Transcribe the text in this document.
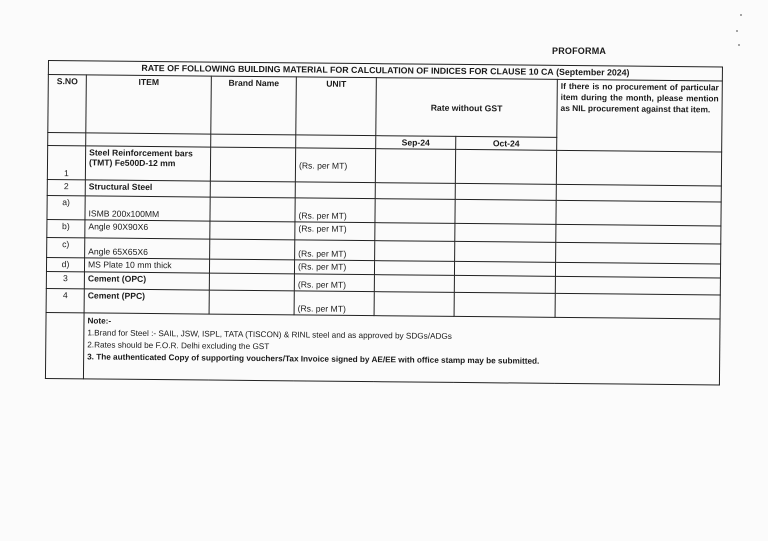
PROFORMA
RATE OF FOLLOWING BUILDING MATERIAL FOR CALCULATION OF INDICES FOR CLAUSE 10 CA (September 2024)						
S.NO	ITEM	Brand Name	UNIT	Rate without GST		If there is no procurement of particular item during the month, please mention as NIL procurement against that item.
				Sep-24	Oct-24	
1	Steel Reinforcement bars (TMT) Fe500D-12 mm		(Rs. per MT)			
2	Structural Steel					
a)	ISMB 200x100MM		(Rs. per MT)			
b)	Angle 90X90X6		(Rs. per MT)			
c)	Angle 65X65X6		(Rs. per MT)			
d)	MS Plate 10 mm thick		(Rs. per MT)			
3	Cement (OPC)		(Rs. per MT)			
4	Cement (PPC)		(Rs. per MT)			

	Note:-
1.Brand for Steel :- SAIL, JSW, ISPL, TATA (TISCON) & RINL steel and as approved by SDGs/ADGs
2.Rates should be F.O.R. Delhi excluding the GST
3. The authenticated Copy of supporting vouchers/Tax Invoice signed by AE/EE with office stamp may be submitted.					
